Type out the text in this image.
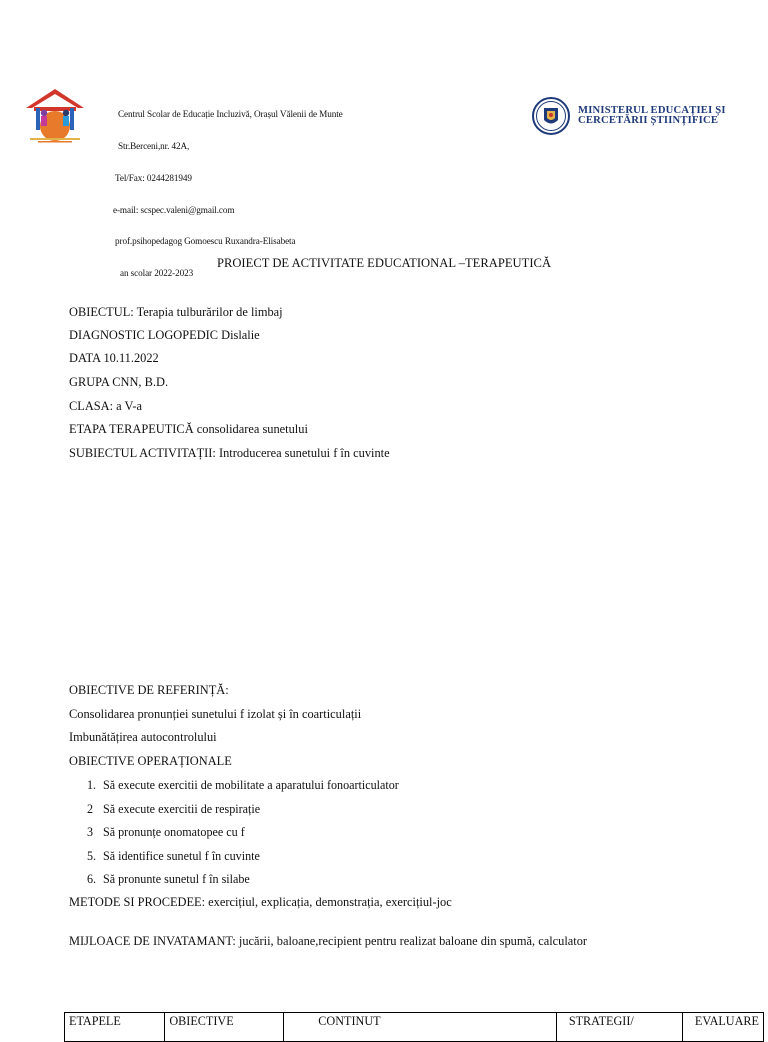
Centrul Scolar de Educație Incluzivă, Orașul Vălenii de Munte

Str.Berceni,nr. 42A,

Tel/Fax: 0244281949

e-mail: scspec.valeni@gmail.com

prof.psihopedagog Gomoescu Ruxandra-Elisabeta

an scolar 2022-2023

MINISTERUL EDUCAȚIEI ȘI
CERCETĂRII ȘTIINȚIFICE
PROIECT DE ACTIVITATE EDUCATIONAL –TERAPEUTICĂ
OBIECTUL: Terapia tulburărilor de limbaj
DIAGNOSTIC LOGOPEDIC Dislalie
DATA 10.11.2022
GRUPA CNN, B.D.
CLASA: a V-a
ETAPA TERAPEUTICĂ consolidarea sunetului
SUBIECTUL ACTIVITAȚII: Introducerea sunetului f în cuvinte
OBIECTIVE DE REFERINȚĂ:
Consolidarea pronunției sunetului f izolat și în coarticulații
Imbunătățirea autocontrolului
OBIECTIVE OPERAȚIONALE
1. Să execute exercitii de mobilitate a aparatului fonoarticulator
2 Să execute exercitii de respirație
3 Să pronunțe onomatopee cu f
5. Să identifice sunetul f în cuvinte
6. Să pronunte sunetul f în silabe
METODE SI PROCEDEE: exercițiul, explicația, demonstrația, exercițiul-joc
MIJLOACE DE INVATAMANT: jucării, baloane,recipient pentru realizat baloane din spumă, calculator
ETAPELE	OBIECTIVE	CONTINUT	STRATEGII/	EVALUARE
